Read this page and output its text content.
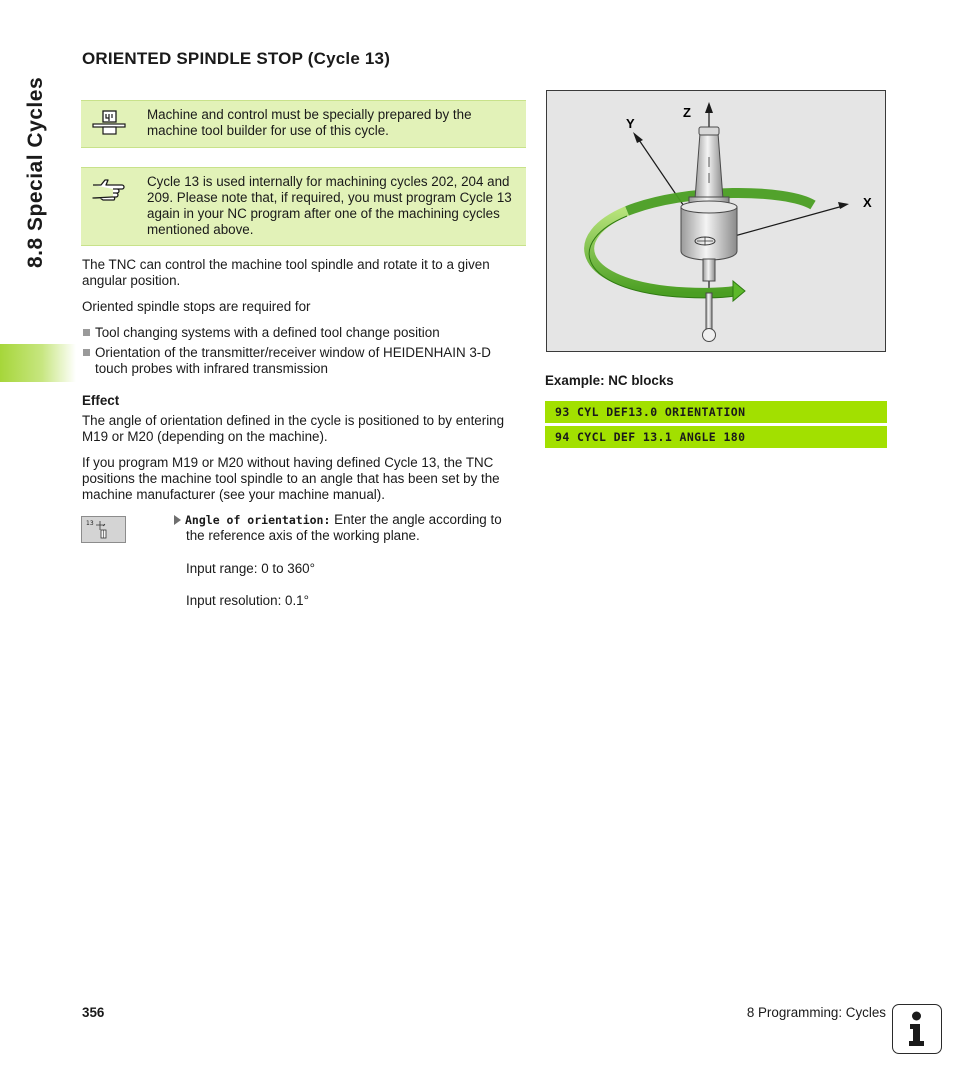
8.8 Special Cycles
ORIENTED SPINDLE STOP (Cycle 13)
Machine and control must be specially prepared by the machine tool builder for use of this cycle.
Cycle 13 is used internally for machining cycles 202, 204 and 209. Please note that, if required, you must program Cycle 13 again in your NC program after one of the machining cycles mentioned above.
The TNC can control the machine tool spindle and rotate it to a given angular position.
Oriented spindle stops are required for
Tool changing systems with a defined tool change position
Orientation of the transmitter/receiver window of HEIDENHAIN 3-D touch probes with infrared transmission
Effect
The angle of orientation defined in the cycle is positioned to by entering M19 or M20 (depending on the machine).
If you program M19 or M20 without having defined Cycle 13, the TNC positions the machine tool spindle to an angle that has been set by the machine manufacturer (see your machine manual).
13	Angle of orientation: Enter the angle according to
the reference axis of the working plane.
Input range: 0 to 360°
Input resolution: 0.1°
Z
Y
X
Example: NC blocks
93 CYL DEF13.0 ORIENTATION
94 CYCL DEF 13.1 ANGLE 180
356	8 Programming: Cycles
